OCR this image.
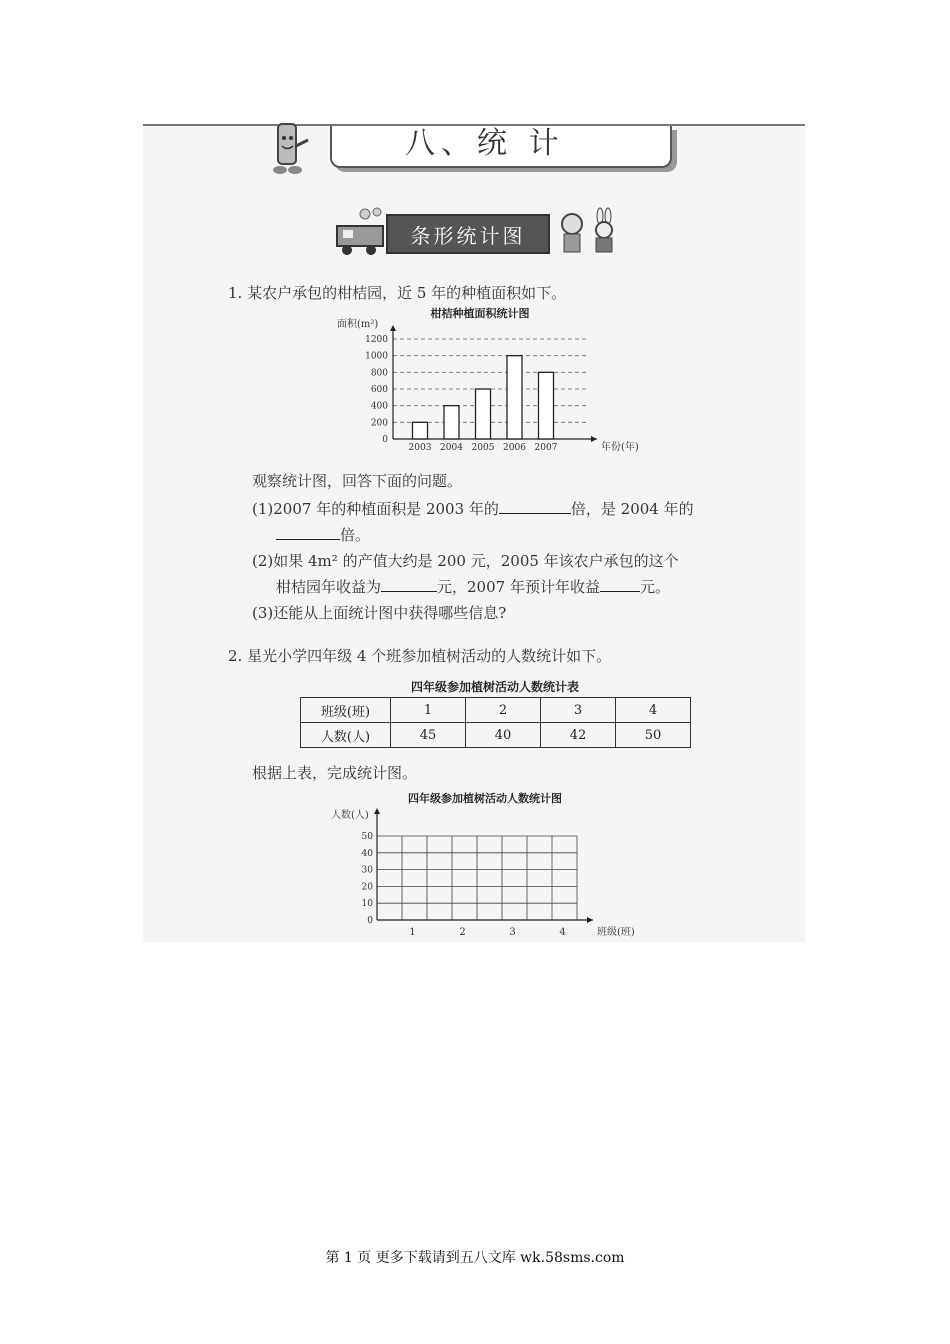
八、统 计
条形统计图
1. 某农户承包的柑桔园，近 5 年的种植面积如下。
柑桔种植面积统计图
面积(m²)
0
200
400
600
800
1000
1200
2003 2004 2005 2006 2007	年份(年)
观察统计图，回答下面的问题。
(1)2007 年的种植面积是 2003 年的	倍，是 2004 年的
倍。
(2)如果 4m² 的产值大约是 200 元，2005 年该农户承包的这个
柑桔园年收益为	元，2007 年预计年收益	元。
(3)还能从上面统计图中获得哪些信息?
2. 星光小学四年级 4 个班参加植树活动的人数统计如下。
四年级参加植树活动人数统计表
班级(班)	1	2	3	4
人数(人)	45	40	42	50
根据上表，完成统计图。
四年级参加植树活动人数统计图
人数(人)
0
10
20
30
40
50
1	2	3	4	班级(班)
第 1 页 更多下载请到五八文库 wk.58sms.com
